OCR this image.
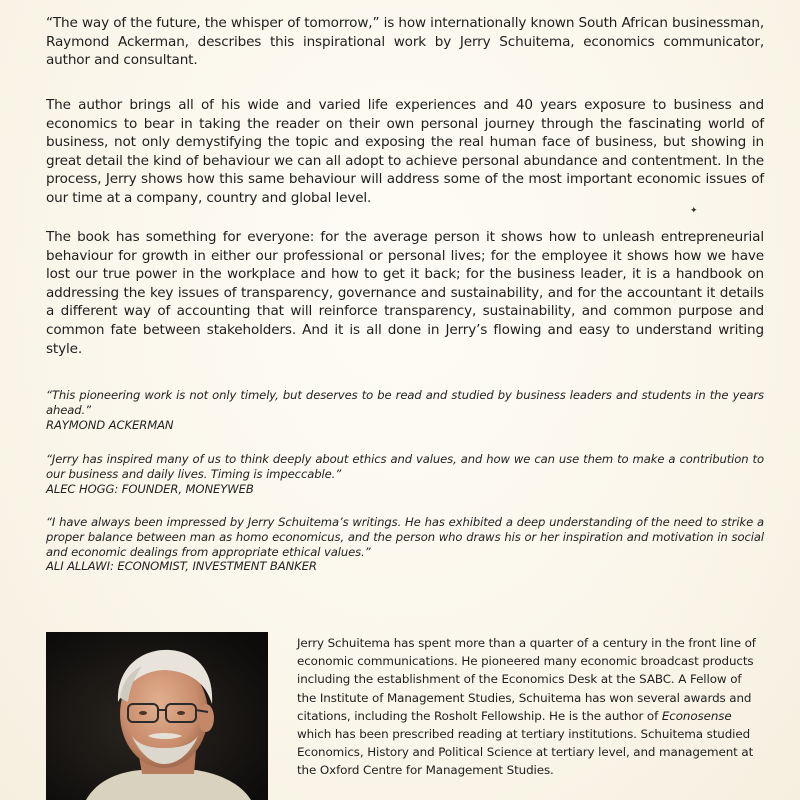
“The way of the future, the whisper of tomorrow,” is how internationally known South African businessman, Raymond Ackerman, describes this inspirational work by Jerry Schuitema, economics communicator, author and consultant.

The author brings all of his wide and varied life experiences and 40 years exposure to business and economics to bear in taking the reader on their own personal journey through the fascinating world of business, not only demystifying the topic and exposing the real human face of business, but showing in great detail the kind of behaviour we can all adopt to achieve personal abundance and contentment. In the process, Jerry shows how this same behaviour will address some of the most important economic issues of our time at a company, country and global level.

The book has something for everyone: for the average person it shows how to unleash entrepreneurial behaviour for growth in either our professional or personal lives; for the employee it shows how we have lost our true power in the workplace and how to get it back; for the business leader, it is a handbook on addressing the key issues of transparency, governance and sustainability, and for the accountant it details a different way of accounting that will reinforce transparency, sustainability, and common purpose and common fate between stakeholders. And it is all done in Jerry’s flowing and easy to understand writing style.

✦

“This pioneering work is not only timely, but deserves to be read and studied by business leaders and students in the years ahead.”
RAYMOND ACKERMAN

“Jerry has inspired many of us to think deeply about ethics and values, and how we can use them to make a contribution to our business and daily lives. Timing is impeccable.”
ALEC HOGG: FOUNDER, MONEYWEB

“I have always been impressed by Jerry Schuitema’s writings. He has exhibited a deep understanding of the need to strike a proper balance between man as homo economicus, and the person who draws his or her inspiration and motivation in social and economic dealings from appropriate ethical values.”
ALI ALLAWI: ECONOMIST, INVESTMENT BANKER

Jerry Schuitema has spent more than a quarter of a century in the front line of economic communications. He pioneered many economic broadcast products including the establishment of the Economics Desk at the SABC. A Fellow of the Institute of Management Studies, Schuitema has won several awards and citations, including the Rosholt Fellowship. He is the author of Econosense which has been prescribed reading at tertiary institutions. Schuitema studied Economics, History and Political Science at tertiary level, and management at the Oxford Centre for Management Studies.
